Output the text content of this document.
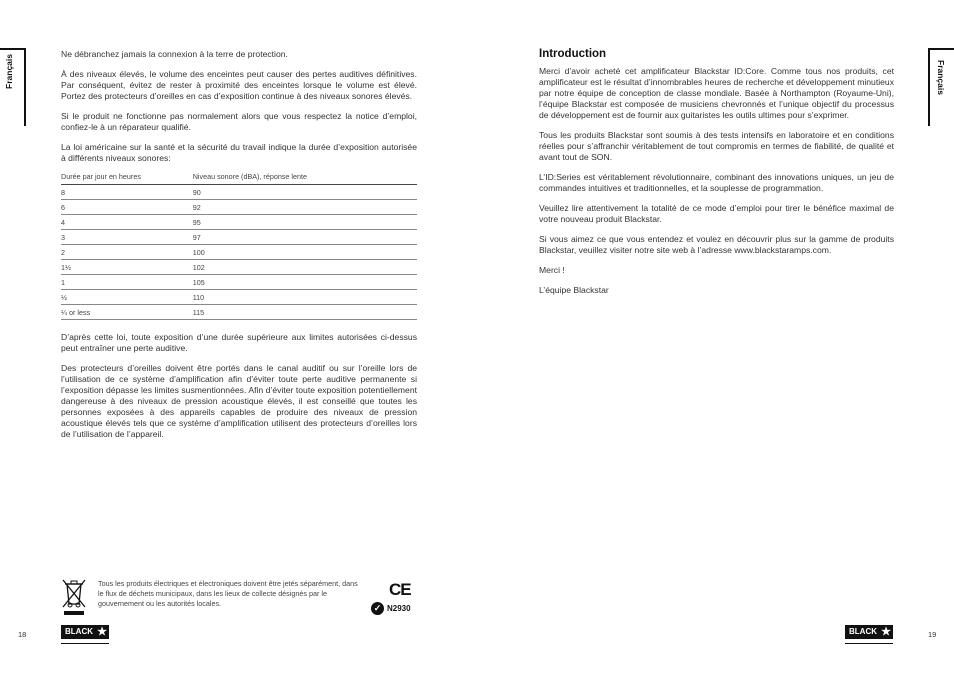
Français	Français

Ne débranchez jamais la connexion à la terre de protection.

À des niveaux élevés, le volume des enceintes peut causer des pertes auditives définitives. Par conséquent, évitez de rester à proximité des enceintes lorsque le volume est élevé. Portez des protecteurs d’oreilles en cas d’exposition continue à des niveaux sonores élevés.

Si le produit ne fonctionne pas normalement alors que vous respectez la notice d’emploi, confiez-le à un réparateur qualifié.

La loi américaine sur la santé et la sécurité du travail indique la durée d’exposition autorisée à différents niveaux sonores:

Durée par jour en heures	Niveau sonore (dBA), réponse lente
8	90
6	92
4	95
3	97
2	100
1½	102
1	105
½	110
¼ or less	115

D’après cette loi, toute exposition d’une durée supérieure aux limites autorisées ci-dessus peut entraîner une perte auditive.

Des protecteurs d’oreilles doivent être portés dans le canal auditif ou sur l’oreille lors de l’utilisation de ce système d’amplification afin d’éviter toute perte auditive permanente si l’exposition dépasse les limites susmentionnées. Afin d’éviter toute exposition potentiellement dangereuse à des niveaux de pression acoustique élevés, il est conseillé que toutes les personnes exposées à des appareils capables de produire des niveaux de pression acoustique élevés tels que ce système d’amplification utilisent des protecteurs d’oreilles lors de l’utilisation de l’appareil.

Tous les produits électriques et électroniques doivent être jetés séparément, dans le flux de déchets municipaux, dans les lieux de collecte désignés par le gouvernement ou les autorités locales.
CE
✓ N2930
18	BLACK ★
Introduction

Merci d’avoir acheté cet amplificateur Blackstar ID:Core. Comme tous nos produits, cet amplificateur est le résultat d’innombrables heures de recherche et développement minutieux par notre équipe de conception de classe mondiale. Basée à Northampton (Royaume-Uni), l’équipe Blackstar est composée de musiciens chevronnés et l’unique objectif du processus de développement est de fournir aux guitaristes les outils ultimes pour s’exprimer.

Tous les produits Blackstar sont soumis à des tests intensifs en laboratoire et en conditions réelles pour s’affranchir véritablement de tout compromis en termes de fiabilité, de qualité et avant tout de SON.

L’ID:Series est véritablement révolutionnaire, combinant des innovations uniques, un jeu de commandes intuitives et traditionnelles, et la souplesse de programmation.

Veuillez lire attentivement la totalité de ce mode d’emploi pour tirer le bénéfice maximal de votre nouveau produit Blackstar.

Si vous aimez ce que vous entendez et voulez en découvrir plus sur la gamme de produits Blackstar, veuillez visiter notre site web à l’adresse www.blackstaramps.com.

Merci !

L’équipe Blackstar

19
BLACK ★
